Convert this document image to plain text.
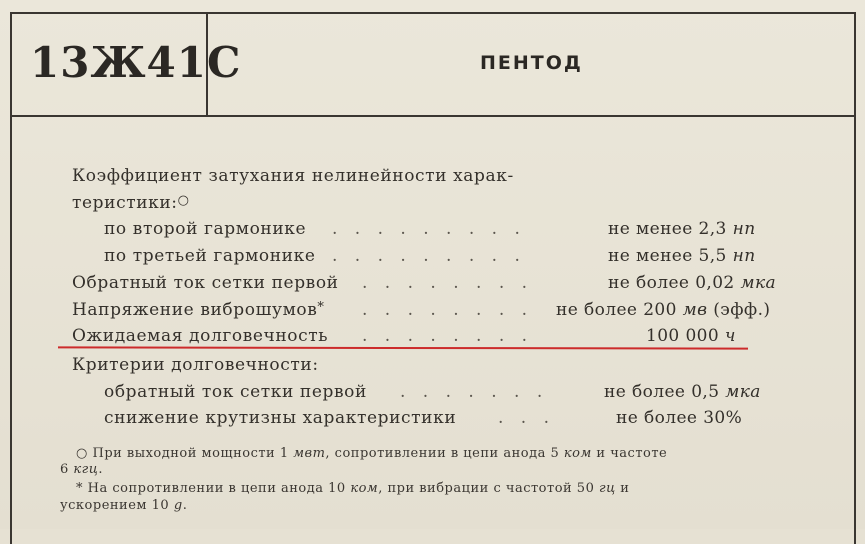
13Ж41С	ПЕНТОД
Коэффициент затухания нелинейности харак-
теристики:○
по второй гармонике . . . . . . . . .	не менее 2,3 нп
по третьей гармонике . . . . . . . . .	не менее 5,5 нп
Обратный ток сетки первой . . . . . . . .	не более 0,02 мка
Напряжение виброшумов* . . . . . . . . не более 200 мв (эфф.)
Ожидаемая долговечность . . . . . . . .	100 000 ч
Критерии долговечности:
обратный ток сетки первой . . . . . . .	не более 0,5 мка
снижение крутизны характеристики . . .	не более 30%
○ При выходной мощности 1 мвт, сопротивлении в цепи анода 5 ком и частоте
6 кгц.
* На сопротивлении в цепи анода 10 ком, при вибрации с частотой 50 гц и
ускорением 10 g.
